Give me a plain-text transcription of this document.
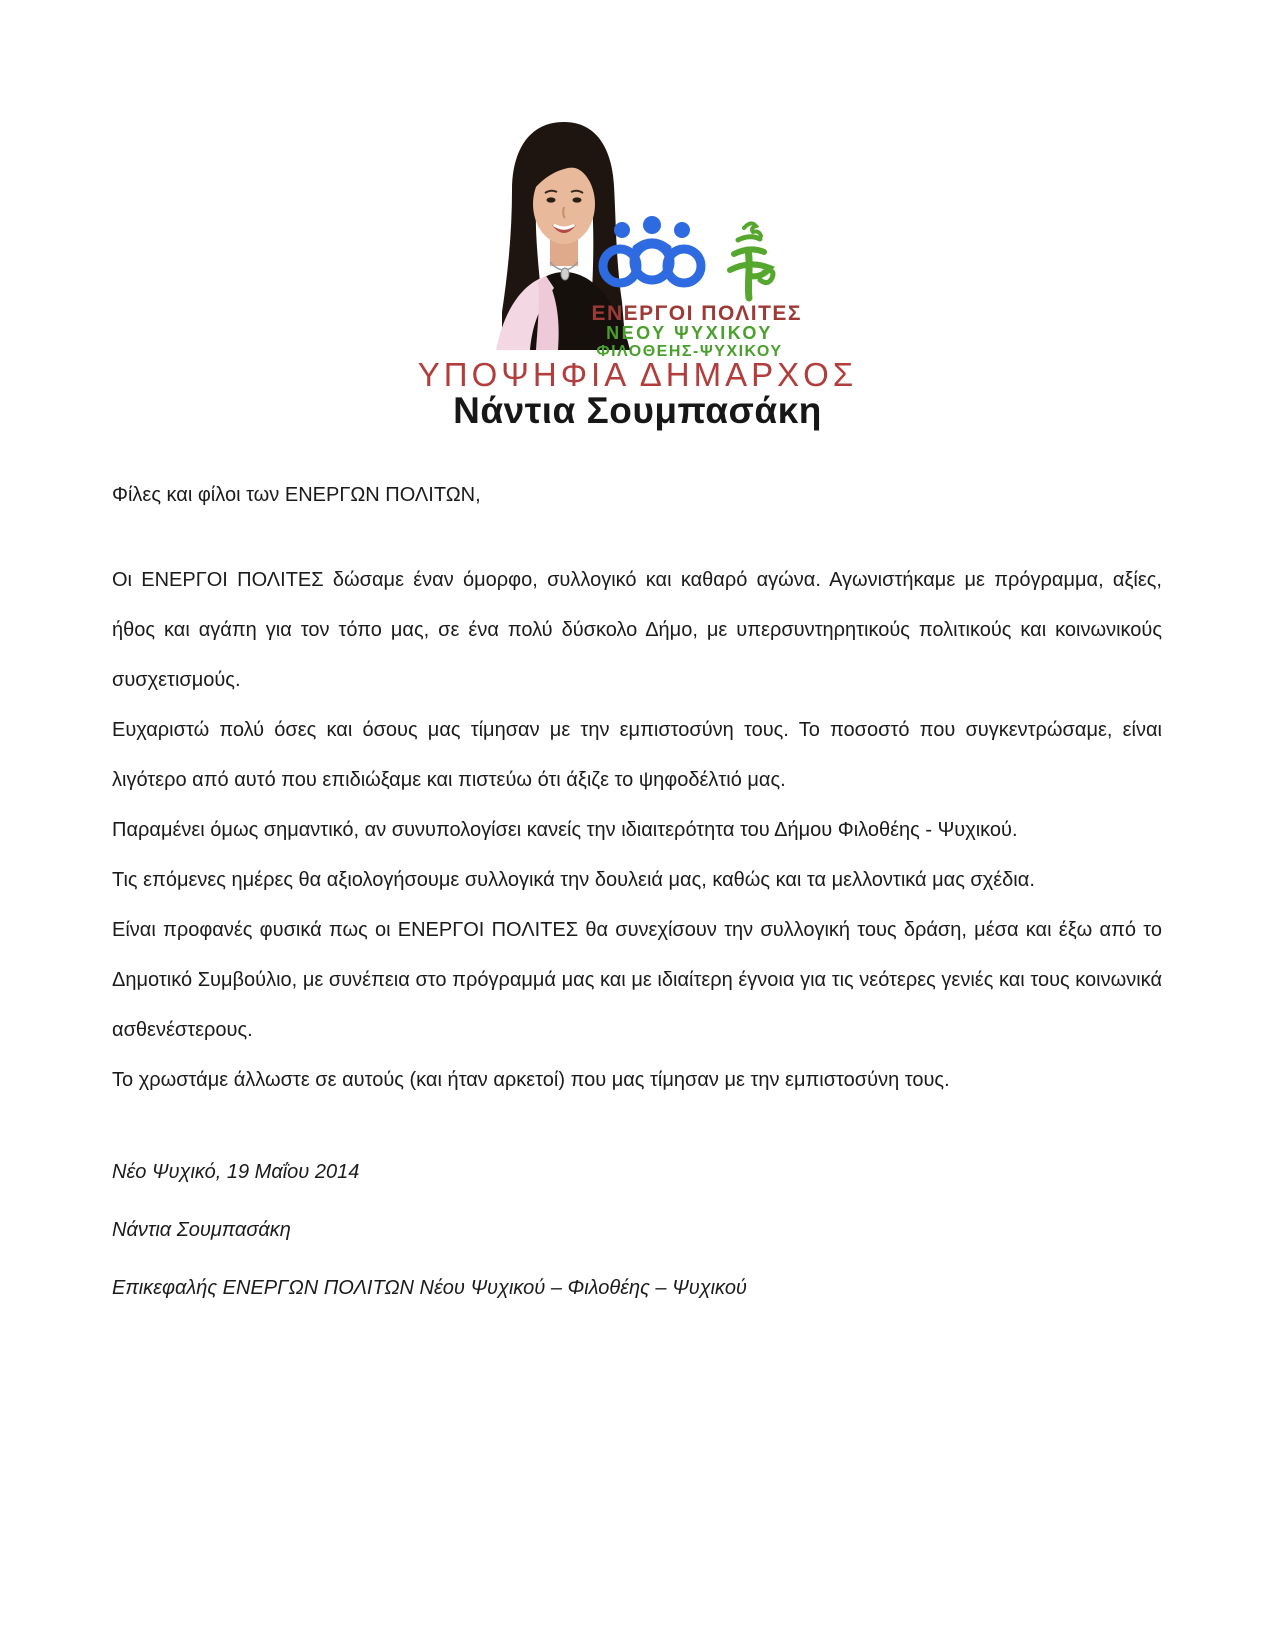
ΕΝΕΡΓΟΙ ΠΟΛΙΤΕΣ
ΝΕΟΥ ΨΥΧΙΚΟΥ
ΦΙΛΟΘΕΗΣ-ΨΥΧΙΚΟΥ
ΥΠΟΨΗΦΙΑ ΔΗΜΑΡΧΟΣ
Νάντια Σουμπασάκη

Φίλες και φίλοι των ΕΝΕΡΓΩΝ ΠΟΛΙΤΩΝ,

Οι ΕΝΕΡΓΟΙ ΠΟΛΙΤΕΣ δώσαμε έναν όμορφο, συλλογικό και καθαρό αγώνα. Αγωνιστήκαμε με πρόγραμμα, αξίες, ήθος και αγάπη για τον τόπο μας, σε ένα πολύ δύσκολο Δήμο, με υπερσυντηρητικούς πολιτικούς και κοινωνικούς συσχετισμούς.

Ευχαριστώ πολύ όσες και όσους μας τίμησαν με την εμπιστοσύνη τους. Το ποσοστό που συγκεντρώσαμε, είναι λιγότερο από αυτό που επιδιώξαμε και πιστεύω ότι άξιζε το ψηφοδέλτιό μας.

Παραμένει όμως σημαντικό, αν συνυπολογίσει κανείς την ιδιαιτερότητα του Δήμου Φιλοθέης - Ψυχικού.

Τις επόμενες ημέρες θα αξιολογήσουμε συλλογικά την δουλειά μας, καθώς και τα μελλοντικά μας σχέδια.

Είναι προφανές φυσικά πως οι ΕΝΕΡΓΟΙ ΠΟΛΙΤΕΣ θα συνεχίσουν την συλλογική τους δράση, μέσα και έξω από το Δημοτικό Συμβούλιο, με συνέπεια στο πρόγραμμά μας και με ιδιαίτερη έγνοια για τις νεότερες γενιές και τους κοινωνικά ασθενέστερους.

Το χρωστάμε άλλωστε σε αυτούς (και ήταν αρκετοί) που μας τίμησαν με την εμπιστοσύνη τους.

Νέο Ψυχικό, 19 Μαΐου 2014

Νάντια Σουμπασάκη

Επικεφαλής ΕΝΕΡΓΩΝ ΠΟΛΙΤΩΝ Νέου Ψυχικού – Φιλοθέης – Ψυχικού
